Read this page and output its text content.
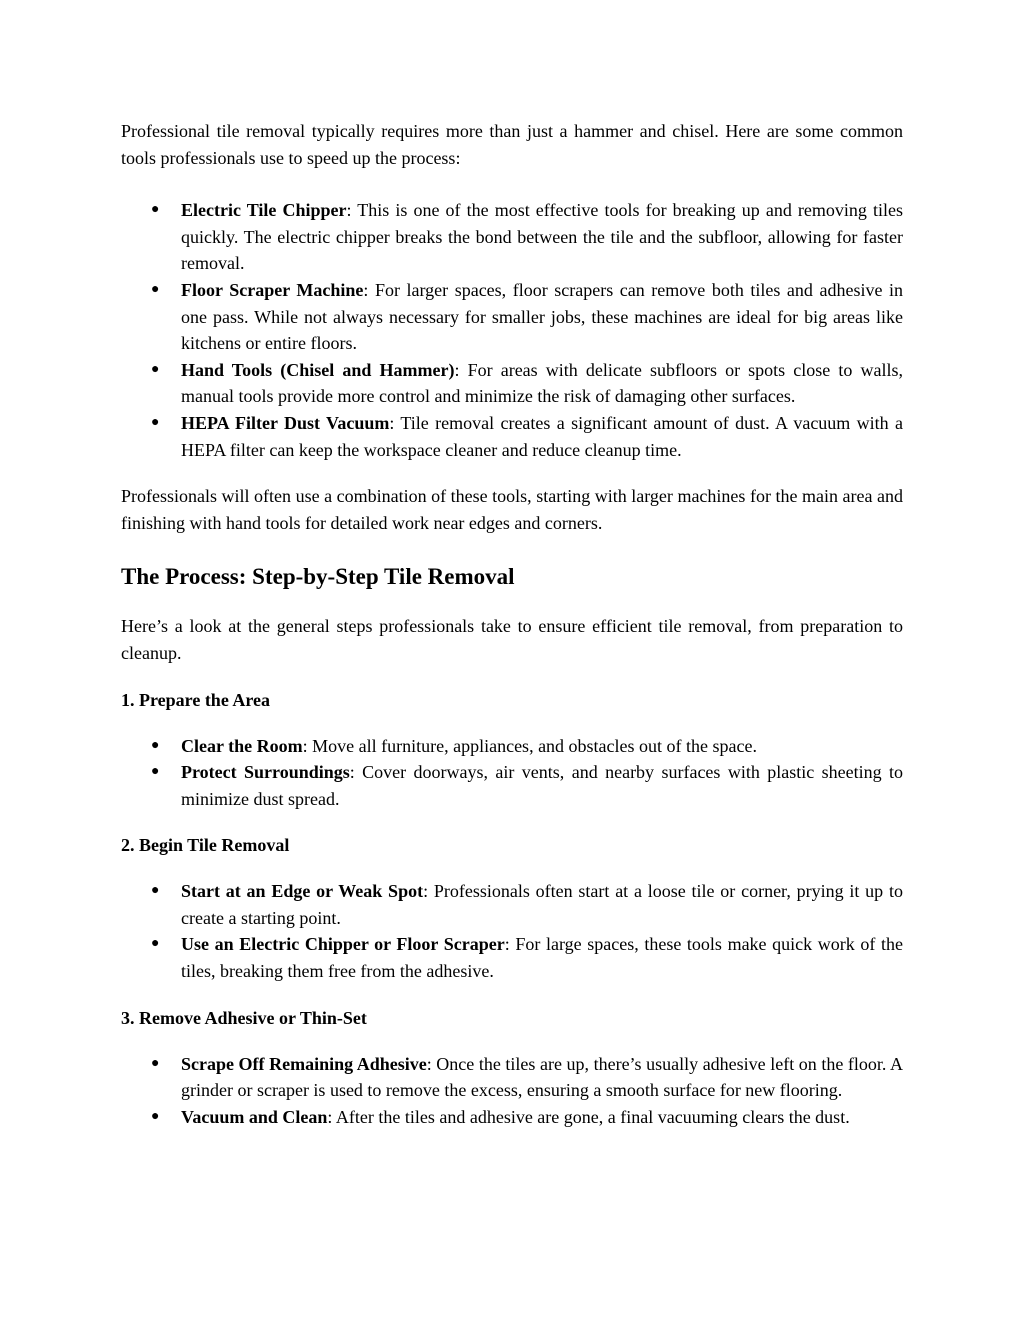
Professional tile removal typically requires more than just a hammer and chisel. Here are some common tools professionals use to speed up the process:

● Electric Tile Chipper: This is one of the most effective tools for breaking up and removing tiles quickly. The electric chipper breaks the bond between the tile and the subfloor, allowing for faster removal.
● Floor Scraper Machine: For larger spaces, floor scrapers can remove both tiles and adhesive in one pass. While not always necessary for smaller jobs, these machines are ideal for big areas like kitchens or entire floors.
● Hand Tools (Chisel and Hammer): For areas with delicate subfloors or spots close to walls, manual tools provide more control and minimize the risk of damaging other surfaces.
● HEPA Filter Dust Vacuum: Tile removal creates a significant amount of dust. A vacuum with a HEPA filter can keep the workspace cleaner and reduce cleanup time.

Professionals will often use a combination of these tools, starting with larger machines for the main area and finishing with hand tools for detailed work near edges and corners.

The Process: Step-by-Step Tile Removal

Here’s a look at the general steps professionals take to ensure efficient tile removal, from preparation to cleanup.

1. Prepare the Area
● Clear the Room: Move all furniture, appliances, and obstacles out of the space.
● Protect Surroundings: Cover doorways, air vents, and nearby surfaces with plastic sheeting to minimize dust spread.
2. Begin Tile Removal
● Start at an Edge or Weak Spot: Professionals often start at a loose tile or corner, prying it up to create a starting point.
● Use an Electric Chipper or Floor Scraper: For large spaces, these tools make quick work of the tiles, breaking them free from the adhesive.
3. Remove Adhesive or Thin-Set
● Scrape Off Remaining Adhesive: Once the tiles are up, there’s usually adhesive left on the floor. A grinder or scraper is used to remove the excess, ensuring a smooth surface for new flooring.
● Vacuum and Clean: After the tiles and adhesive are gone, a final vacuuming clears the dust.
